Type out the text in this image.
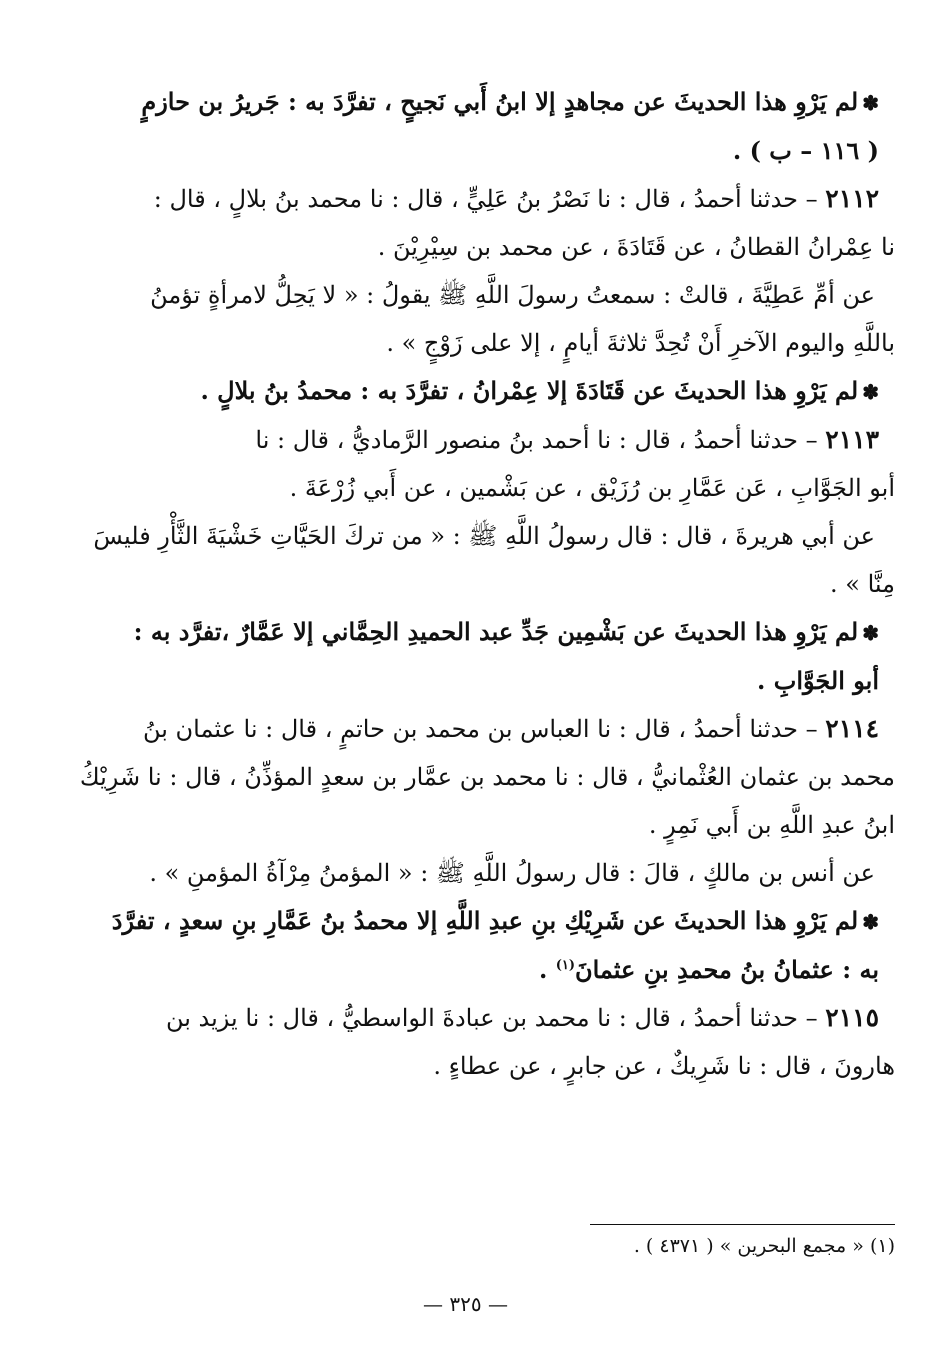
✽لم يَرْوِ هذا الحديثَ عن مجاهدٍ إلا ابنُ أَبي نَجيحٍ ، تفرَّدَ به : جَريرُ بن حازمٍ

( ١١٦ – ب ) .

٢١١٢ – حدثنا أحمدُ ، قال : نا نَصْرُ بنُ عَلِيٍّ ، قال : نا محمد بنُ بلالٍ ، قال :

نا عِمْرانُ القطانُ ، عن قَتَادَةَ ، عن محمد بن سِيْرِيْنَ .

عن أمِّ عَطِيَّةَ ، قالتْ : سمعتُ رسولَ اللَّهِ ﷺ يقولُ : « لا يَحِلُّ لامرأةٍ تؤمنُ

باللَّهِ واليوم الآخرِ أَنْ تُحِدَّ ثلاثةَ أيامٍ ، إلا على زَوْجٍ » .

✽لم يَرْوِ هذا الحديثَ عن قَتَادَةَ إلا عِمْرانُ ، تفرَّدَ به : محمدُ بنُ بلالٍ .

٢١١٣ – حدثنا أحمدُ ، قال : نا أحمد بنُ منصور الرَّماديُّ ، قال : نا

أبو الجَوَّابِ ، عَن عَمَّارِ بن رُزَيْق ، عن بَشْمين ، عن أَبي زُرْعَةَ .

عن أبي هريرةَ ، قال : قال رسولُ اللَّهِ ﷺ : « من تركَ الحَيَّاتِ خَشْيَةَ الثَّأْرِ فليسَ

مِنَّا » .

✽لم يَرْوِ هذا الحديثَ عن بَشْمِين جَدِّ عبد الحميدِ الحِمَّاني إلا عَمَّارٌ ،تفرَّد به :

أبو الجَوَّابِ .

٢١١٤ – حدثنا أحمدُ ، قال : نا العباس بن محمد بن حاتمٍ ، قال : نا عثمان بنُ

محمد بن عثمان العُثْمانيُّ ، قال : نا محمد بن عمَّار بن سعدٍ المؤذِّنُ ، قال : نا شَرِيْكُ

ابنُ عبدِ اللَّهِ بن أَبي نَمِرٍ .

عن أنس بن مالكٍ ، قالَ : قال رسولُ اللَّهِ ﷺ : « المؤمنُ مِرْآةُ المؤمنِ » .

✽لم يَرْوِ هذا الحديثَ عن شَرِيْكِ بنِ عبدِ اللَّهِ إلا محمدُ بنُ عَمَّارِ بنِ سعدٍ ، تفرَّدَ

به : عثمانُ بنُ محمدِ بنِ عثمانَ$^{(١)}$ .

٢١١٥ – حدثنا أحمدُ ، قال : نا محمد بن عبادةَ الواسطيُّ ، قال : نا يزيد بن

هارونَ ، قال : نا شَرِيكٌ ، عن جابرٍ ، عن عطاءٍ .

(١) « مجمع البحرين » ( ٤٣٧١ ) .
— ٣٢٥ —
